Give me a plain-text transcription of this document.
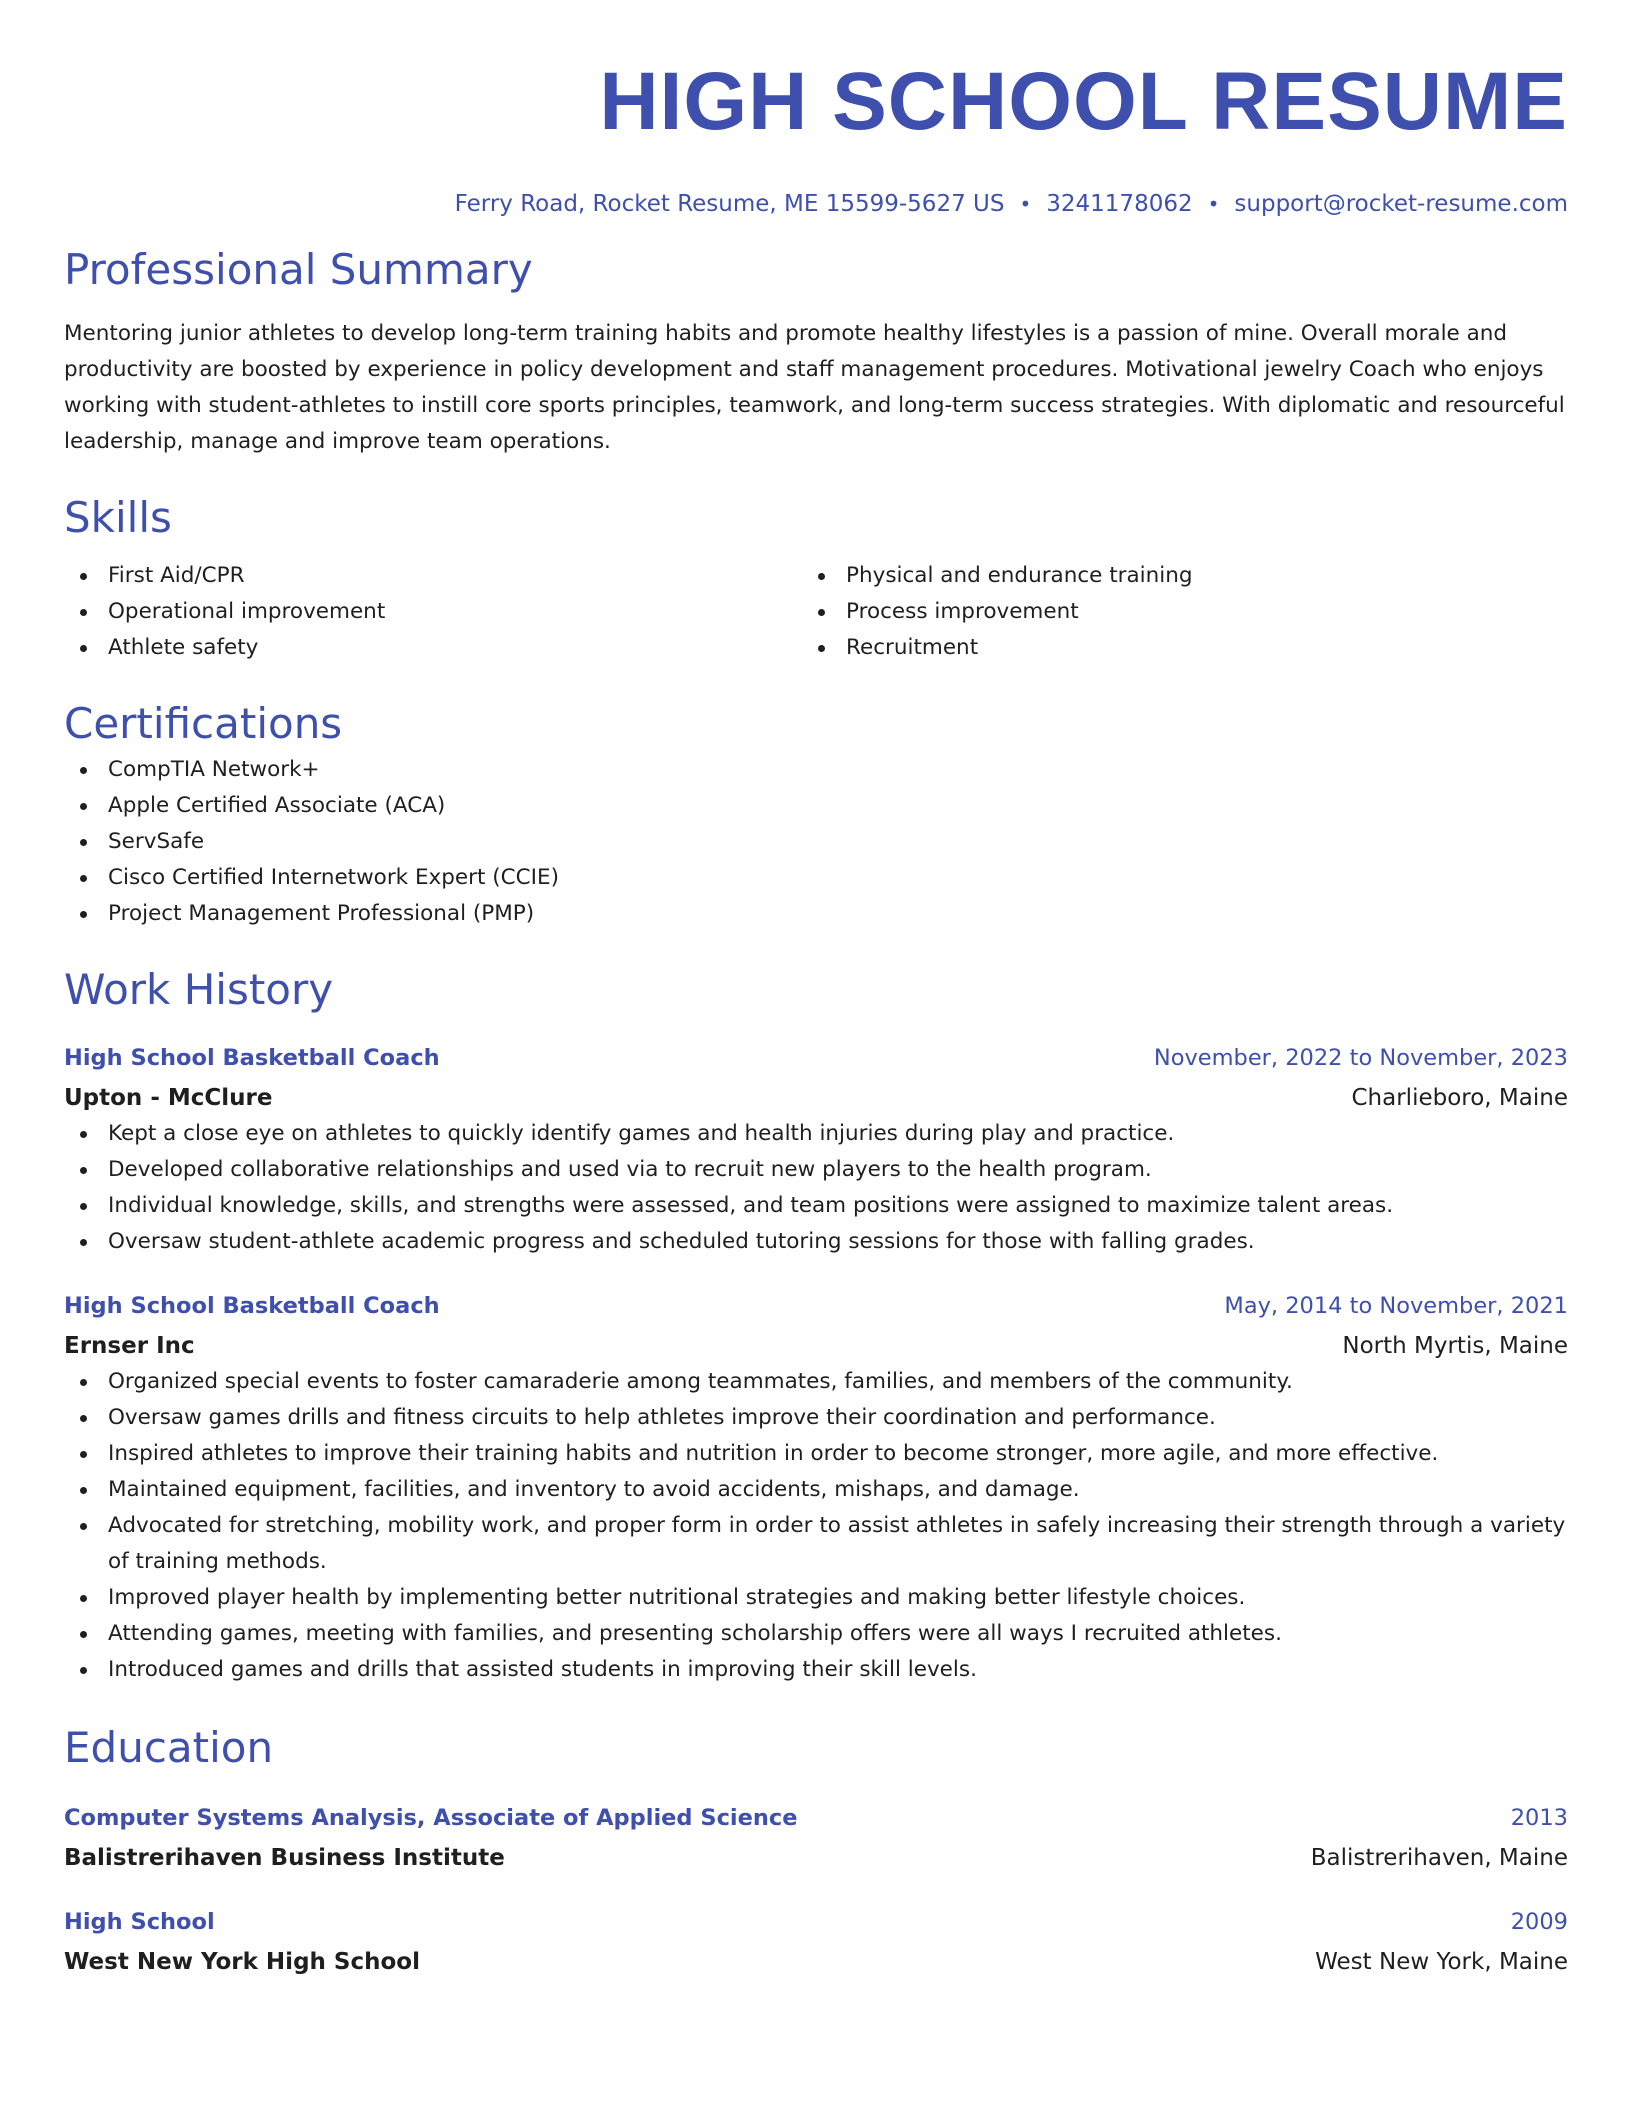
HIGH SCHOOL RESUME
Ferry Road, Rocket Resume, ME 15599-5627 US • 3241178062 • support@rocket-resume.com
Professional Summary

Mentoring junior athletes to develop long-term training habits and promote healthy lifestyles is a passion of mine. Overall morale and productivity are boosted by experience in policy development and staff management procedures. Motivational jewelry Coach who enjoys working with student-athletes to instill core sports principles, teamwork, and long-term success strategies. With diplomatic and resourceful leadership, manage and improve team operations.

Skills
First Aid/CPR
Operational improvement
Athlete safety
Physical and endurance training
Process improvement
Recruitment
Certifications
CompTIA Network+
Apple Certified Associate (ACA)
ServSafe
Cisco Certified Internetwork Expert (CCIE)
Project Management Professional (PMP)
Work History
High School Basketball Coach	November, 2022 to November, 2023
Upton - McClure	Charlieboro, Maine
Kept a close eye on athletes to quickly identify games and health injuries during play and practice.
Developed collaborative relationships and used via to recruit new players to the health program.
Individual knowledge, skills, and strengths were assessed, and team positions were assigned to maximize talent areas.
Oversaw student-athlete academic progress and scheduled tutoring sessions for those with falling grades.
High School Basketball Coach	May, 2014 to November, 2021
Ernser Inc	North Myrtis, Maine
Organized special events to foster camaraderie among teammates, families, and members of the community.
Oversaw games drills and fitness circuits to help athletes improve their coordination and performance.
Inspired athletes to improve their training habits and nutrition in order to become stronger, more agile, and more effective.
Maintained equipment, facilities, and inventory to avoid accidents, mishaps, and damage.
Advocated for stretching, mobility work, and proper form in order to assist athletes in safely increasing their strength through a variety of training methods.
Improved player health by implementing better nutritional strategies and making better lifestyle choices.
Attending games, meeting with families, and presenting scholarship offers were all ways I recruited athletes.
Introduced games and drills that assisted students in improving their skill levels.
Education
Computer Systems Analysis, Associate of Applied Science	2013
Balistrerihaven Business Institute	Balistrerihaven, Maine
High School	2009
West New York High School	West New York, Maine
